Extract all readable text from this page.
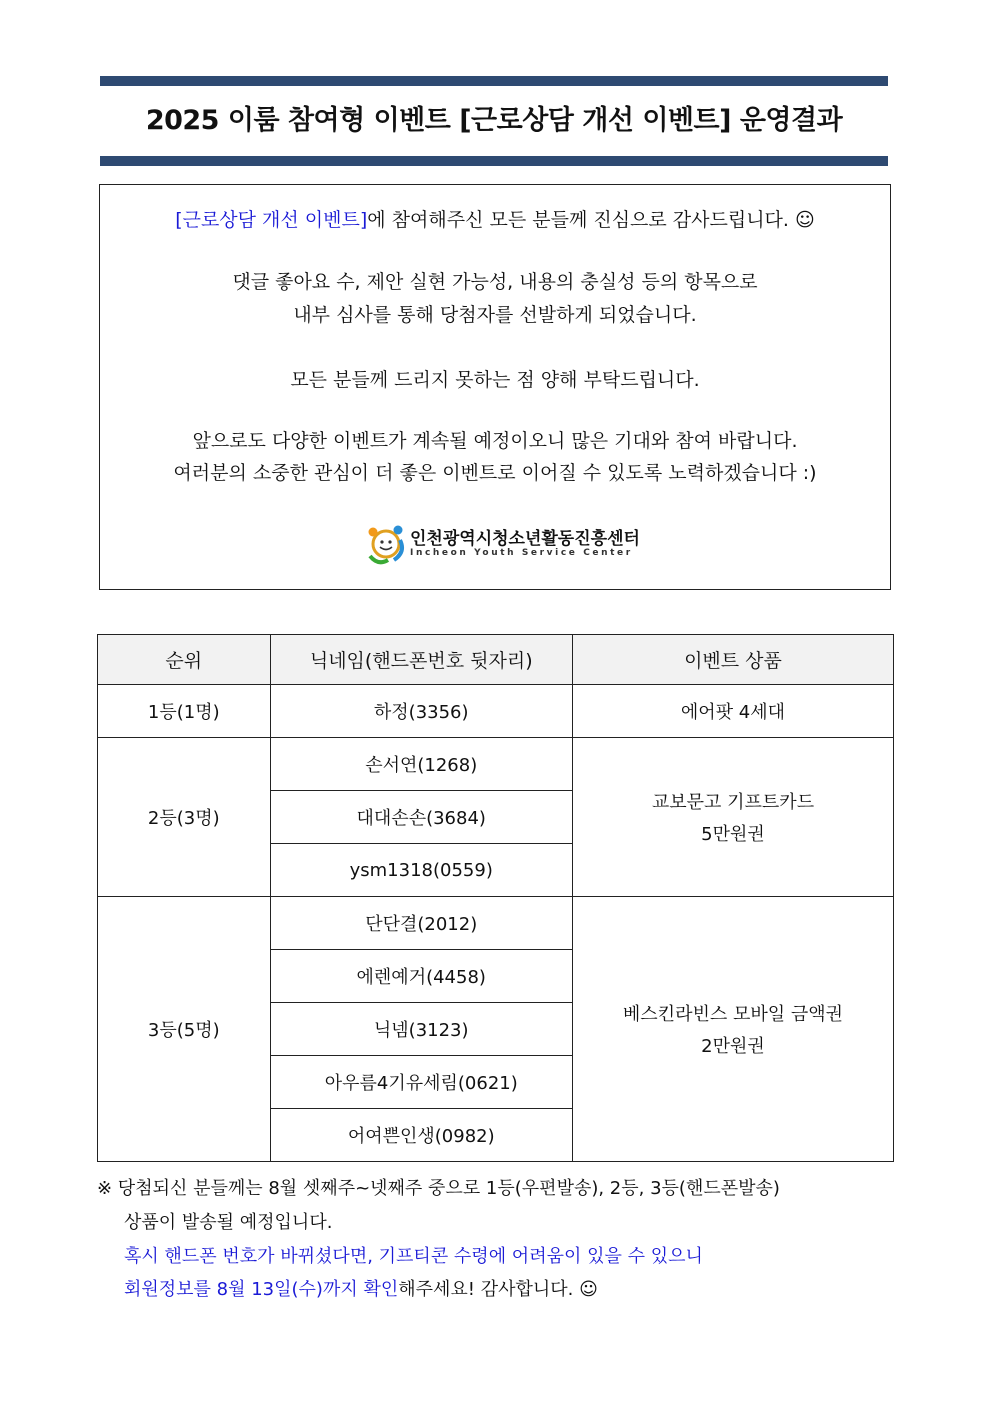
2025 이룸 참여형 이벤트 [근로상담 개선 이벤트] 운영결과
[근로상담 개선 이벤트]에 참여해주신 모든 분들께 진심으로 감사드립니다. ☺
댓글 좋아요 수, 제안 실현 가능성, 내용의 충실성 등의 항목으로
내부 심사를 통해 당첨자를 선발하게 되었습니다.
모든 분들께 드리지 못하는 점 양해 부탁드립니다.
앞으로도 다양한 이벤트가 계속될 예정이오니 많은 기대와 참여 바랍니다.
여러분의 소중한 관심이 더 좋은 이벤트로 이어질 수 있도록 노력하겠습니다 :)
인천광역시청소년활동진흥센터
Incheon Youth Service Center
순위	닉네임(핸드폰번호 뒷자리)	이벤트 상품
1등(1명)	하정(3356)	에어팟 4세대
2등(3명)	손서연(1268)	교보문고 기프트카드
5만원권

	대대손손(3684)	
	ysm1318(0559)	
3등(5명)	단단결(2012)	베스킨라빈스 모바일 금액권
2만원권

	에렌예거(4458)	
	닉넴(3123)	
	아우름4기유세림(0621)	
	어여쁜인생(0982)	
※ 당첨되신 분들께는 8월 셋째주~넷째주 중으로 1등(우편발송), 2등, 3등(핸드폰발송)
상품이 발송될 예정입니다.
혹시 핸드폰 번호가 바뀌셨다면, 기프티콘 수령에 어려움이 있을 수 있으니
회원정보를 8월 13일(수)까지 확인해주세요! 감사합니다. ☺
